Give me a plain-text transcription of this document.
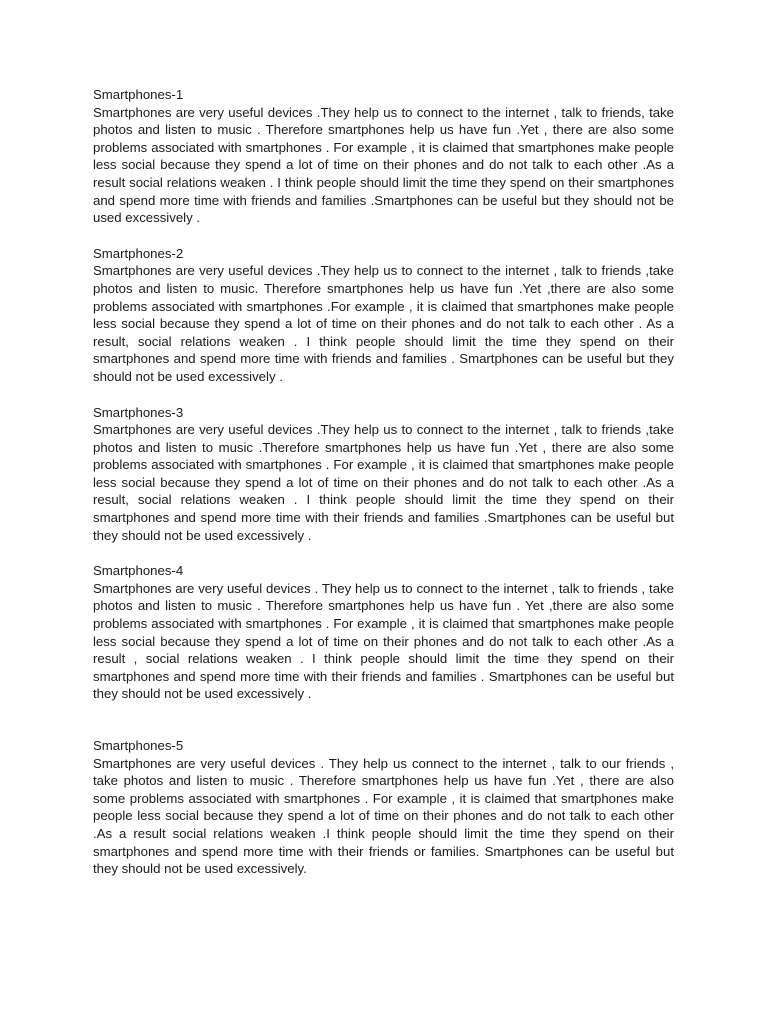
Smartphones-1
Smartphones are very useful devices .They help us to connect to the internet , talk to friends, take photos and listen to music . Therefore smartphones help us have fun .Yet , there are also some problems associated with smartphones . For example , it is claimed that smartphones make people less social because they spend a lot of time on their phones and do not talk to each other .As a result social relations weaken . I think people should limit the time they spend on their smartphones and spend more time with friends and families .Smartphones can be useful but they should not be used excessively .
Smartphones-2
Smartphones are very useful devices .They help us to connect to the internet , talk to friends ,take photos and listen to music. Therefore smartphones help us have fun .Yet ,there are also some problems associated with smartphones .For example , it is claimed that smartphones make people less social because they spend a lot of time on their phones and do not talk to each other . As a result, social relations weaken . I think people should limit the time they spend on their smartphones and spend more time with friends and families . Smartphones can be useful but they should not be used excessively .
Smartphones-3
Smartphones are very useful devices .They help us to connect to the internet , talk to friends ,take photos and listen to music .Therefore smartphones help us have fun .Yet , there are also some problems associated with smartphones . For example , it is claimed that smartphones make people less social because they spend a lot of time on their phones and do not talk to each other .As a result, social relations weaken . I think people should limit the time they spend on their smartphones and spend more time with their friends and families .Smartphones can be useful but they should not be used excessively .
Smartphones-4
Smartphones are very useful devices . They help us to connect to the internet , talk to friends , take photos and listen to music . Therefore smartphones help us have fun . Yet ,there are also some problems associated with smartphones . For example , it is claimed that smartphones make people less social because they spend a lot of time on their phones and do not talk to each other .As a result , social relations weaken . I think people should limit the time they spend on their smartphones and spend more time with their friends and families . Smartphones can be useful but they should not be used excessively .
Smartphones-5
Smartphones are very useful devices . They help us connect to the internet , talk to our friends , take photos and listen to music . Therefore smartphones help us have fun .Yet , there are also some problems associated with smartphones . For example , it is claimed that smartphones make people less social because they spend a lot of time on their phones and do not talk to each other .As a result social relations weaken .I think people should limit the time they spend on their smartphones and spend more time with their friends or families. Smartphones can be useful but they should not be used excessively.
